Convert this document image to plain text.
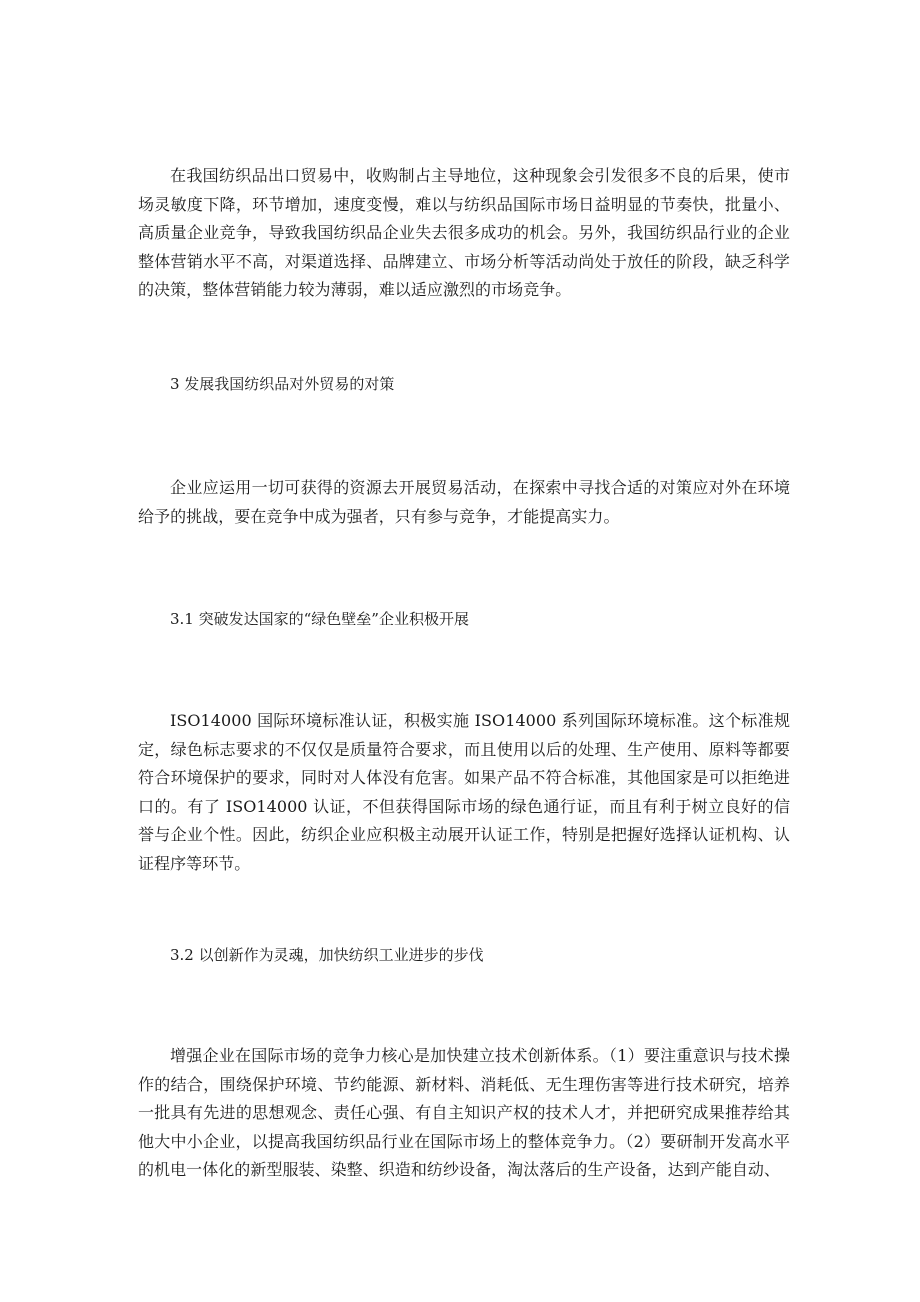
在我国纺织品出口贸易中，收购制占主导地位，这种现象会引发很多不良的后果，使市场灵敏度下降，环节增加，速度变慢，难以与纺织品国际市场日益明显的节奏快，批量小、高质量企业竞争，导致我国纺织品企业失去很多成功的机会。另外，我国纺织品行业的企业整体营销水平不高，对渠道选择、品牌建立、市场分析等活动尚处于放任的阶段，缺乏科学的决策，整体营销能力较为薄弱，难以适应激烈的市场竞争。

3 发展我国纺织品对外贸易的对策

企业应运用一切可获得的资源去开展贸易活动，在探索中寻找合适的对策应对外在环境给予的挑战，要在竞争中成为强者，只有参与竞争，才能提高实力。

3.1 突破发达国家的“绿色壁垒”企业积极开展

ISO14000 国际环境标准认证，积极实施 ISO14000 系列国际环境标准。这个标准规定，绿色标志要求的不仅仅是质量符合要求，而且使用以后的处理、生产使用、原料等都要符合环境保护的要求，同时对人体没有危害。如果产品不符合标准，其他国家是可以拒绝进口的。有了 ISO14000 认证，不但获得国际市场的绿色通行证，而且有利于树立良好的信誉与企业个性。因此，纺织企业应积极主动展开认证工作，特别是把握好选择认证机构、认证程序等环节。

3.2 以创新作为灵魂，加快纺织工业进步的步伐

增强企业在国际市场的竞争力核心是加快建立技术创新体系。（1）要注重意识与技术操作的结合，围绕保护环境、节约能源、新材料、消耗低、无生理伤害等进行技术研究，培养一批具有先进的思想观念、责任心强、有自主知识产权的技术人才，并把研究成果推荐给其他大中小企业，以提高我国纺织品行业在国际市场上的整体竞争力。（2）要研制开发高水平的机电一体化的新型服装、染整、织造和纺纱设备，淘汰落后的生产设备，达到产能自动、
